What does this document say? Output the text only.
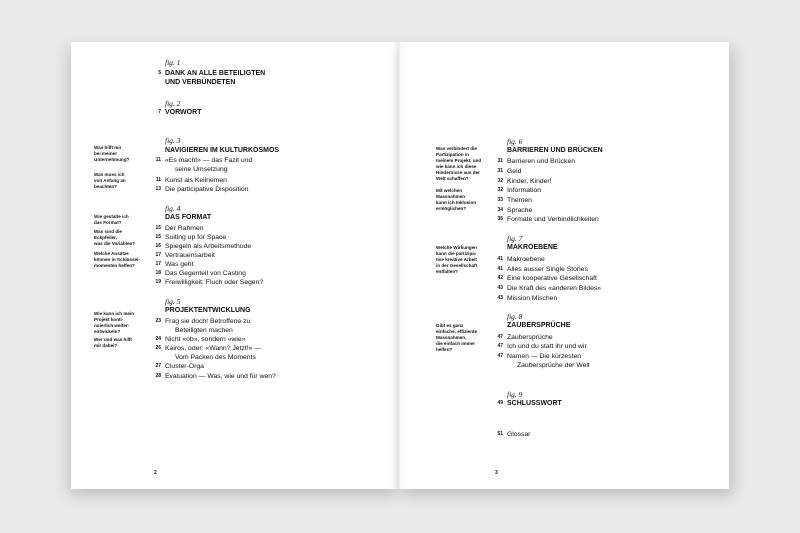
fig. 1
DANK AN ALLE BETEILIGTEN
UND VERBÜNDETEN
5
fig. 2
VORWORT
7
fig. 3
NAVIGIEREN IM KULTURKOSMOS
11 «Es macht» — das Fazit und
seine Umsetzung
11 Kunst als Keilriemen
13 Die participative Disposition
fig. 4
DAS FORMAT
15 Der Rahmen
15 Suiting up for Space
16 Spiegeln als Arbeitsmethode
17 Vertrauensarbeit
17 Was geht
18 Das Gegenteil von Casting
19 Freiwilligkeit: Fluch oder Segen?
fig. 5
PROJEKTENTWICKLUNG
23 Frag sie doch! Betroffene zu
Beteiligten machen
24 Nicht «ob», sondern «wie»
26 Kairos, oder: «Wann? Jetzt!» —
Vom Packen des Moments
27 Cluster-Orga
28 Evaluation — Was, wie und für wen?
Was hilft mir
bei meiner
Unternehmung?
Was muss ich
von Anfang an
beachten?
Wie gestalte ich
das Format?
Was sind die
Eckpfeiler,
was die Variablen?
Welche Ansätze
können in Schlüssel-
momenten helfen?
Wie kann ich mein
Projekt konti-
nuierlich weiter-
entwickeln?
Wer und was hilft
mir dabei?
2
fig. 6
BARRIEREN UND BRÜCKEN
31 Barrieren und Brücken
31 Geld
32 Kinder, Kinder!
32 Information
33 Themen
34 Sprache
36 Formate und Verbindlichkeiten
fig. 7
MAKROEBENE
41 Makroebene
41 Alles ausser Single Stories
42 Eine kooperative Gesellschaft
43 Die Kraft des «anderen Bildes»
43 Mission Mischen
fig. 8
ZAUBERSPRÜCHE
47 Zaubersprüche
47 Ich und du statt ihr und wir
47 Namen — Die kürzesten
Zaubersprüche der Welt
fig. 9
SCHLUSSWORT
49
51 Glossar
Was verhindert die
Partizipation in
meinem Projekt, und
wie kann ich diese
Hindernisse aus der
Welt schaffen?
Mit welchen
Massnahmen
kann ich Inklusion
ermöglichen?
Welche Wirkungen
kann die partizipa-
tive kreative Arbeit
in der Gesellschaft
entfalten?
Gibt es ganz
einfache, effiziente
Massnahmen,
die einfach immer
helfen?
3
